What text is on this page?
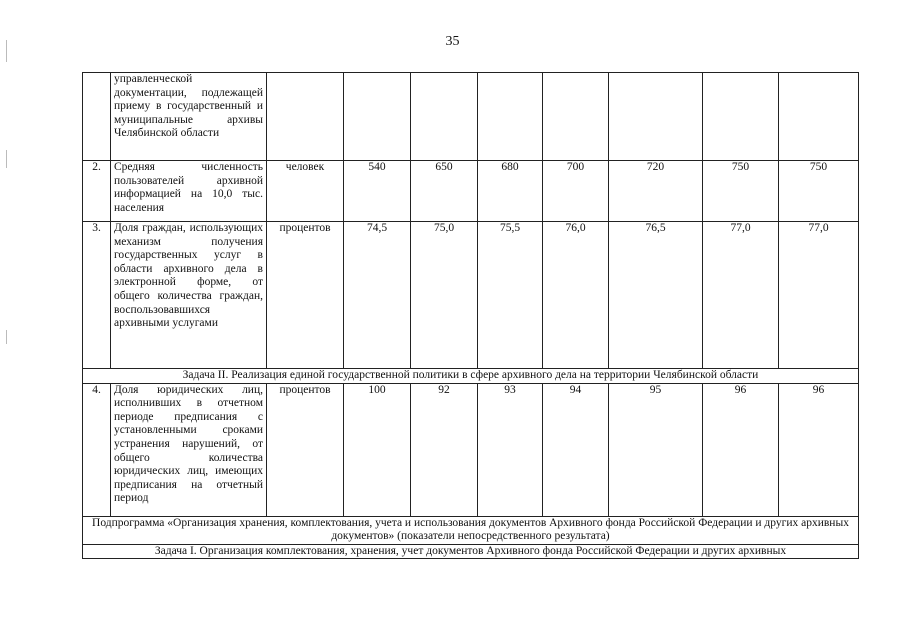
35
	управленческой документации, подлежащей приему в государственный и муниципальные архивы Челябинской области								
2.	Средняя численность пользователей архивной информацией на 10,0 тыс. населения	человек	540	650	680	700	720	750	750
3.	Доля граждан, использующих механизм получения государственных услуг в области архивного дела в электронной форме, от общего количества граждан, воспользовавшихся архивными услугами	процентов	74,5	75,0	75,5	76,0	76,5	77,0	77,0
Задача II. Реализация единой государственной политики в сфере архивного дела на территории Челябинской области									
4.	Доля юридических лиц, исполнивших в отчетном периоде предписания с установленными сроками устранения нарушений, от общего количества юридических лиц, имеющих предписания на отчетный период	процентов	100	92	93	94	95	96	96
Подпрограмма «Организация хранения, комплектования, учета и использования документов Архивного фонда Российской Федерации и других архивных документов» (показатели непосредственного результата)									
Задача I. Организация комплектования, хранения, учет документов Архивного фонда Российской Федерации и других архивных									
